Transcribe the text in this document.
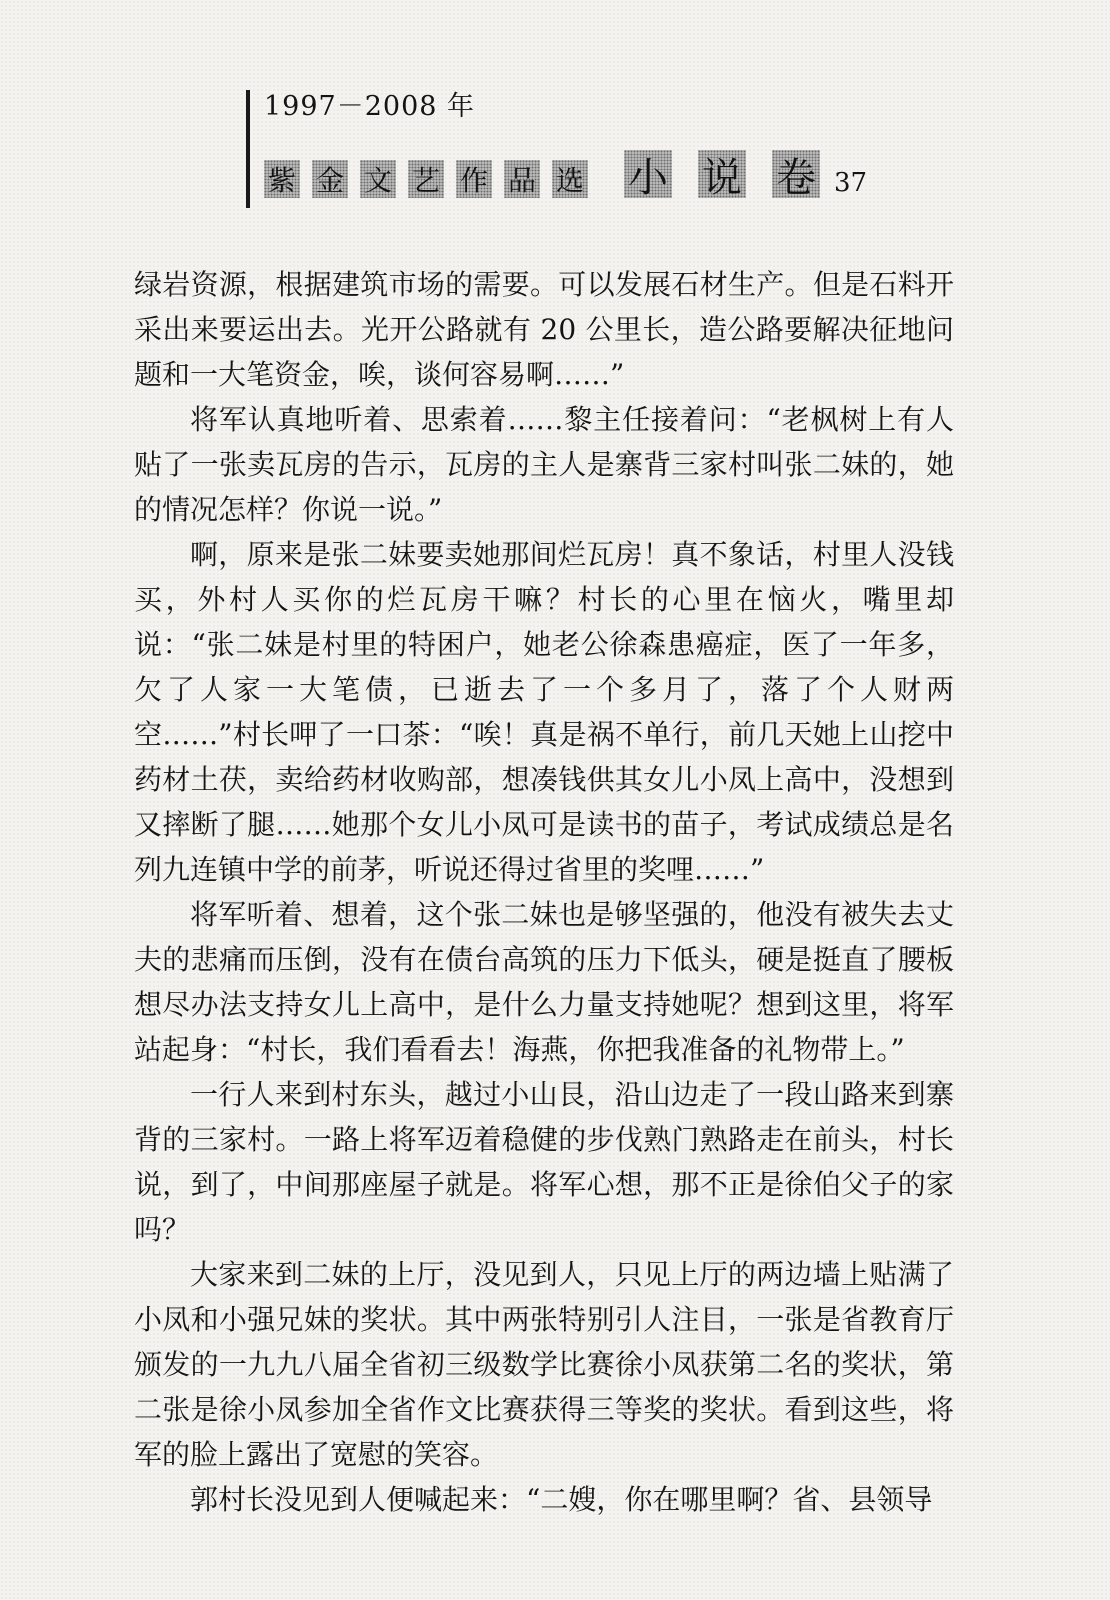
1997－2008 年
紫 金 文 艺 作 品 选 小 说 卷 37

绿岩资源，根据建筑市场的需要。可以发展石材生产。但是石料开采出来要运出去。光开公路就有 20 公里长，造公路要解决征地问题和一大笔资金，唉，谈何容易啊……”

将军认真地听着、思索着……黎主任接着问：“老枫树上有人贴了一张卖瓦房的告示，瓦房的主人是寨背三家村叫张二妹的，她的情况怎样？你说一说。”

啊，原来是张二妹要卖她那间烂瓦房！真不象话，村里人没钱买，外村人买你的烂瓦房干嘛？村长的心里在恼火，嘴里却说：“张二妹是村里的特困户，她老公徐森患癌症，医了一年多，欠了人家一大笔债，已逝去了一个多月了，落了个人财两空……”村长呷了一口茶：“唉！真是祸不单行，前几天她上山挖中药材土茯，卖给药材收购部，想凑钱供其女儿小凤上高中，没想到又摔断了腿……她那个女儿小凤可是读书的苗子，考试成绩总是名列九连镇中学的前茅，听说还得过省里的奖哩……”

将军听着、想着，这个张二妹也是够坚强的，他没有被失去丈夫的悲痛而压倒，没有在债台高筑的压力下低头，硬是挺直了腰板想尽办法支持女儿上高中，是什么力量支持她呢？想到这里，将军站起身：“村长，我们看看去！海燕，你把我准备的礼物带上。”

一行人来到村东头，越过小山艮，沿山边走了一段山路来到寨背的三家村。一路上将军迈着稳健的步伐熟门熟路走在前头，村长说，到了，中间那座屋子就是。将军心想，那不正是徐伯父子的家吗？

大家来到二妹的上厅，没见到人，只见上厅的两边墙上贴满了小凤和小强兄妹的奖状。其中两张特别引人注目，一张是省教育厅颁发的一九九八届全省初三级数学比赛徐小凤获第二名的奖状，第二张是徐小凤参加全省作文比赛获得三等奖的奖状。看到这些，将军的脸上露出了宽慰的笑容。

郭村长没见到人便喊起来：“二嫂，你在哪里啊？省、县领导
